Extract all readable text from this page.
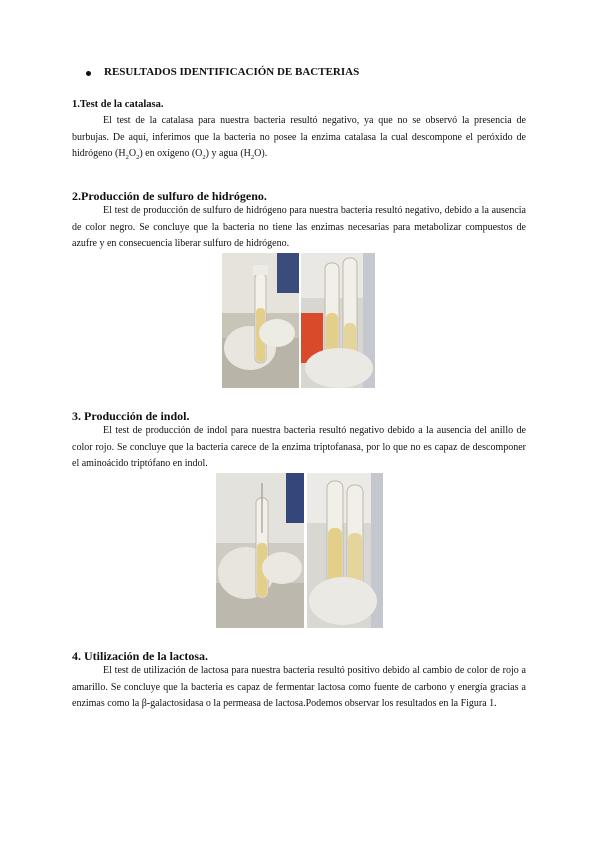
RESULTADOS IDENTIFICACIÓN DE BACTERIAS
1.Test de la catalasa.

El test de la catalasa para nuestra bacteria resultó negativo, ya que no se observó la presencia de burbujas. De aquí, inferimos que la bacteria no posee la enzima catalasa la cual descompone el peróxido de hidrógeno $(H_2O_2)$ en oxígeno $(O_2)$ y agua $(H_2O)$.

2.Producción de sulfuro de hidrógeno.

El test de producción de sulfuro de hidrógeno para nuestra bacteria resultó negativo, debido a la ausencia de color negro. Se concluye que la bacteria no tiene las enzimas necesarias para metabolizar compuestos de azufre y en consecuencia liberar sulfuro de hidrógeno.

3. Producción de indol.

El test de producción de indol para nuestra bacteria resultó negativo debido a la ausencia del anillo de color rojo. Se concluye que la bacteria carece de la enzima triptofanasa, por lo que no es capaz de descomponer el aminoácido triptófano en indol.

4. Utilización de la lactosa.

El test de utilización de lactosa para nuestra bacteria resultó positivo debido al cambio de color de rojo a amarillo. Se concluye que la bacteria es capaz de fermentar lactosa como fuente de carbono y energía gracias a enzimas como la β-galactosidasa o la permeasa de lactosa.Podemos observar los resultados en la Figura 1.
